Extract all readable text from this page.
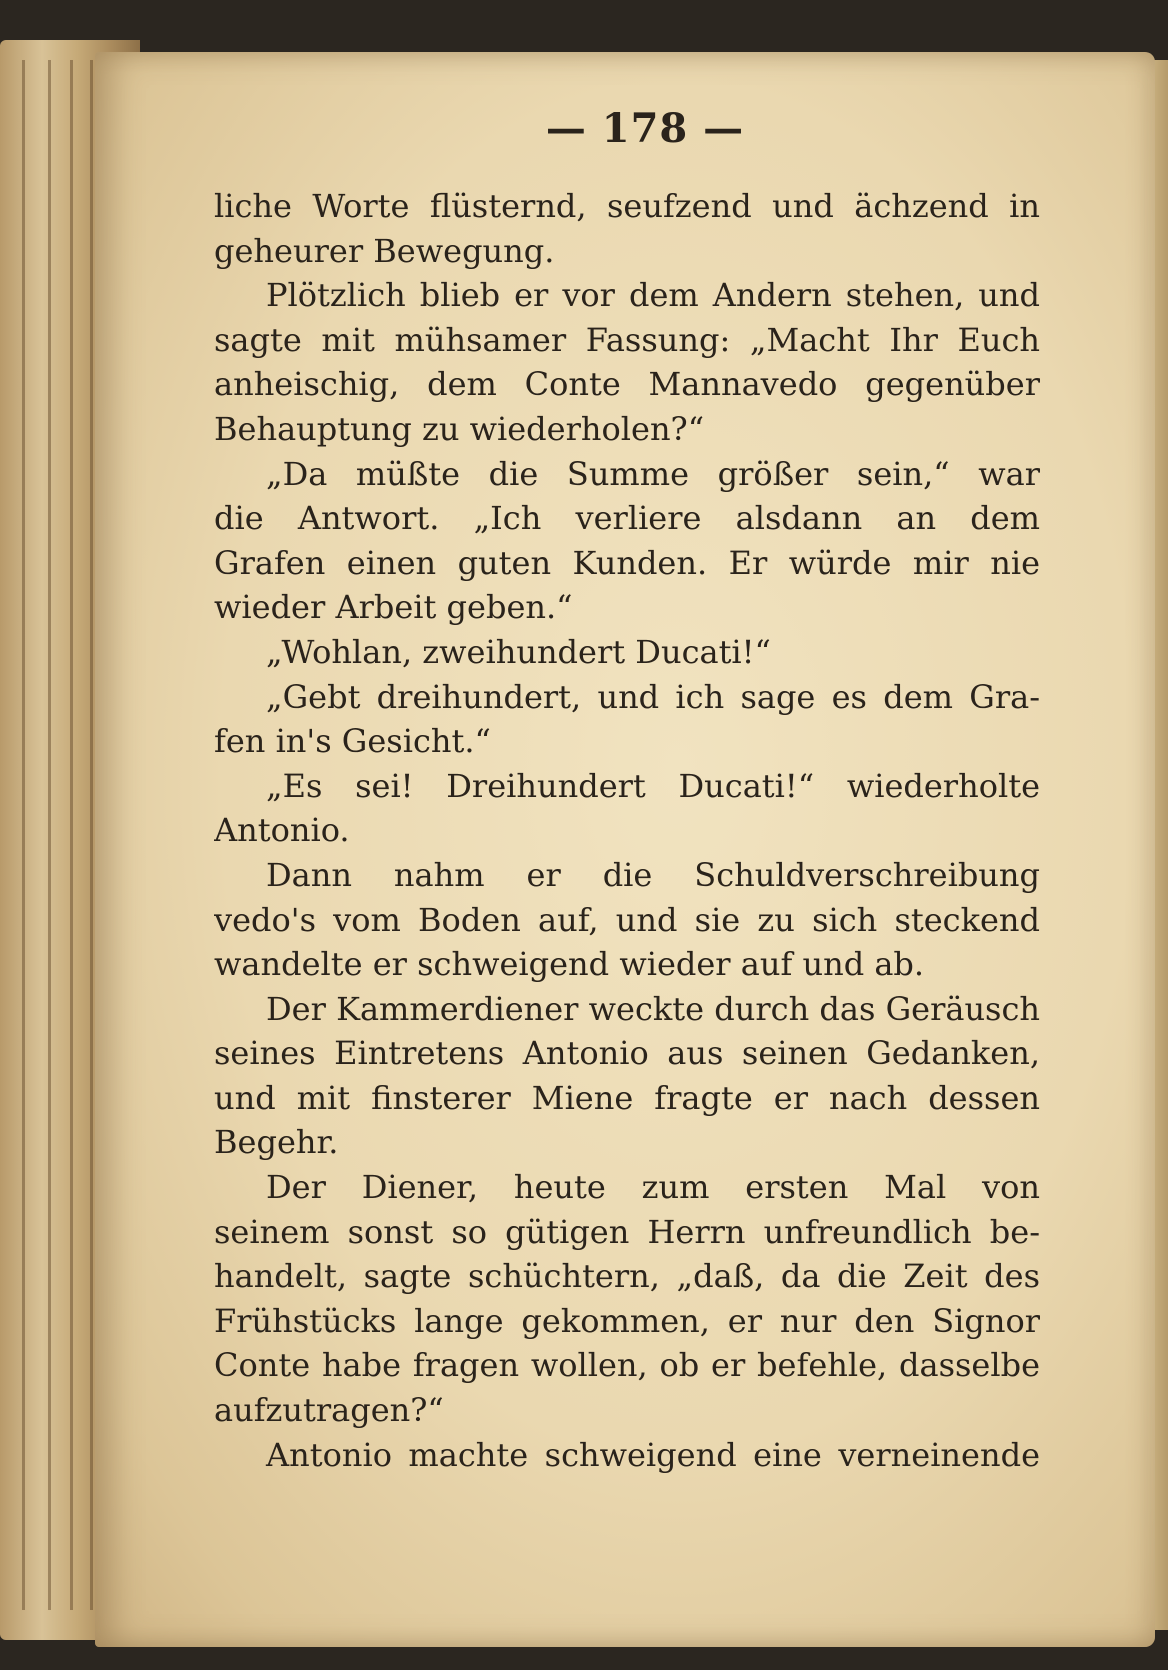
— 178 —
liche Worte flüsternd, seufzend und ächzend in
geheurer Bewegung.
Plötzlich blieb er vor dem Andern stehen, und
sagte mit mühsamer Fassung: „Macht Ihr Euch
anheischig, dem Conte Mannavedo gegenüber
Behauptung zu wiederholen?“
„Da müßte die Summe größer sein,“ war
die Antwort. „Ich verliere alsdann an dem
Grafen einen guten Kunden. Er würde mir nie
wieder Arbeit geben.“
„Wohlan, zweihundert Ducati!“
„Gebt dreihundert, und ich sage es dem Gra-
fen in's Gesicht.“
„Es sei! Dreihundert Ducati!“ wiederholte
Antonio.
Dann nahm er die Schuldverschreibung
vedo's vom Boden auf, und sie zu sich steckend
wandelte er schweigend wieder auf und ab.
Der Kammerdiener weckte durch das Geräusch
seines Eintretens Antonio aus seinen Gedanken,
und mit finsterer Miene fragte er nach dessen
Begehr.
Der Diener, heute zum ersten Mal von
seinem sonst so gütigen Herrn unfreundlich be-
handelt, sagte schüchtern, „daß, da die Zeit des
Frühstücks lange gekommen, er nur den Signor
Conte habe fragen wollen, ob er befehle, dasselbe
aufzutragen?“
Antonio machte schweigend eine verneinende
